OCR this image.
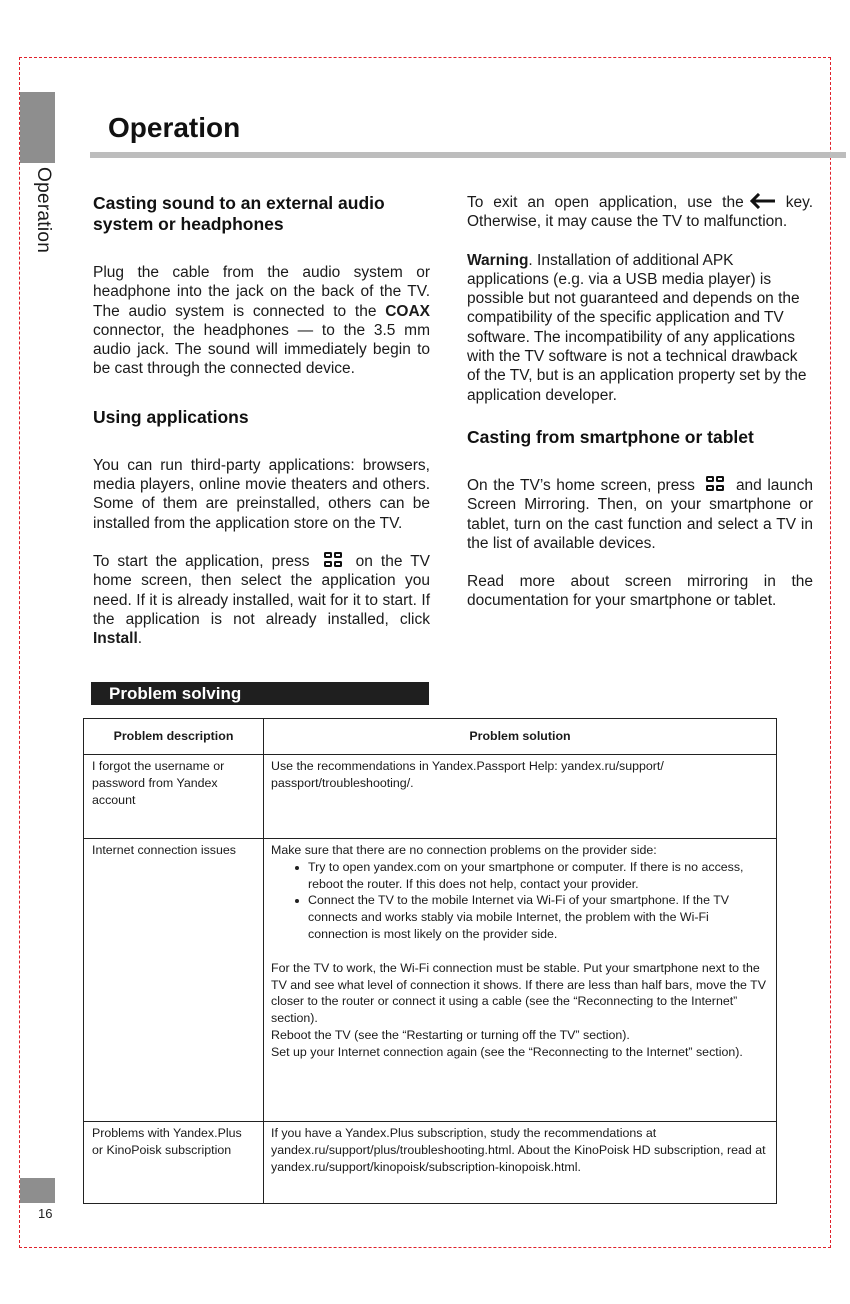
Operation
Operation
Casting sound to an external audio system or headphones

Plug the cable from the audio system or headphone into the jack on the back of the TV. The audio system is connected to the COAX connector, the headphones — to the 3.5 mm audio jack. The sound will immediately begin to be cast through the connected device.

Using applications

You can run third-party applications: browsers, media players, online movie theaters and others. Some of them are preinstalled, others can be installed from the application store on the TV.

To start the application, press	on the TV home screen, then select the application you need. If it is already installed, wait for it to start. If the application is not already installed, click Install.

To exit an open application, use the	key. Otherwise, it may cause the TV to malfunction.

Warning. Installation of additional APK applications (e.g. via a USB media player) is possible but not guaranteed and depends on the compatibility of the specific application and TV software. The incompatibility of any applications with the TV software is not a technical drawback of the TV, but is an application property set by the application developer.

Casting from smartphone or tablet

On the TV’s home screen, press	and launch Screen Mirroring. Then, on your smartphone or tablet, turn on the cast function and select a TV in the list of available devices.

Read more about screen mirroring in the documentation for your smartphone or tablet.

Problem solving
Problem description	Problem solution
I forgot the username or password from Yandex account	Use the recommendations in Yandex.Passport Help: yandex.ru/support/ passport/troubleshooting/.
Internet connection issues	Make sure that there are no connection problems on the provider side:
Try to open yandex.com on your smartphone or computer. If there is no access, reboot the router. If this does not help, contact your provider.
Connect the TV to the mobile Internet via Wi-Fi of your smartphone. If the TV connects and works stably via mobile Internet, the problem with the Wi-Fi connection is most likely on the provider side.
For the TV to work, the Wi-Fi connection must be stable. Put your smartphone next to the TV and see what level of connection it shows. If there are less than half bars, move the TV closer to the router or connect it using a cable (see the “Reconnecting to the Internet” section).
Reboot the TV (see the “Restarting or turning off the TV” section).
Set up your Internet connection again (see the “Reconnecting to the Internet” section).

Problems with Yandex.Plus or KinoPoisk subscription	If you have a Yandex.Plus subscription, study the recommendations at yandex.ru/support/plus/troubleshooting.html. About the KinoPoisk HD subscription, read at yandex.ru/support/kinopoisk/subscription-kinopoisk.html.
16
